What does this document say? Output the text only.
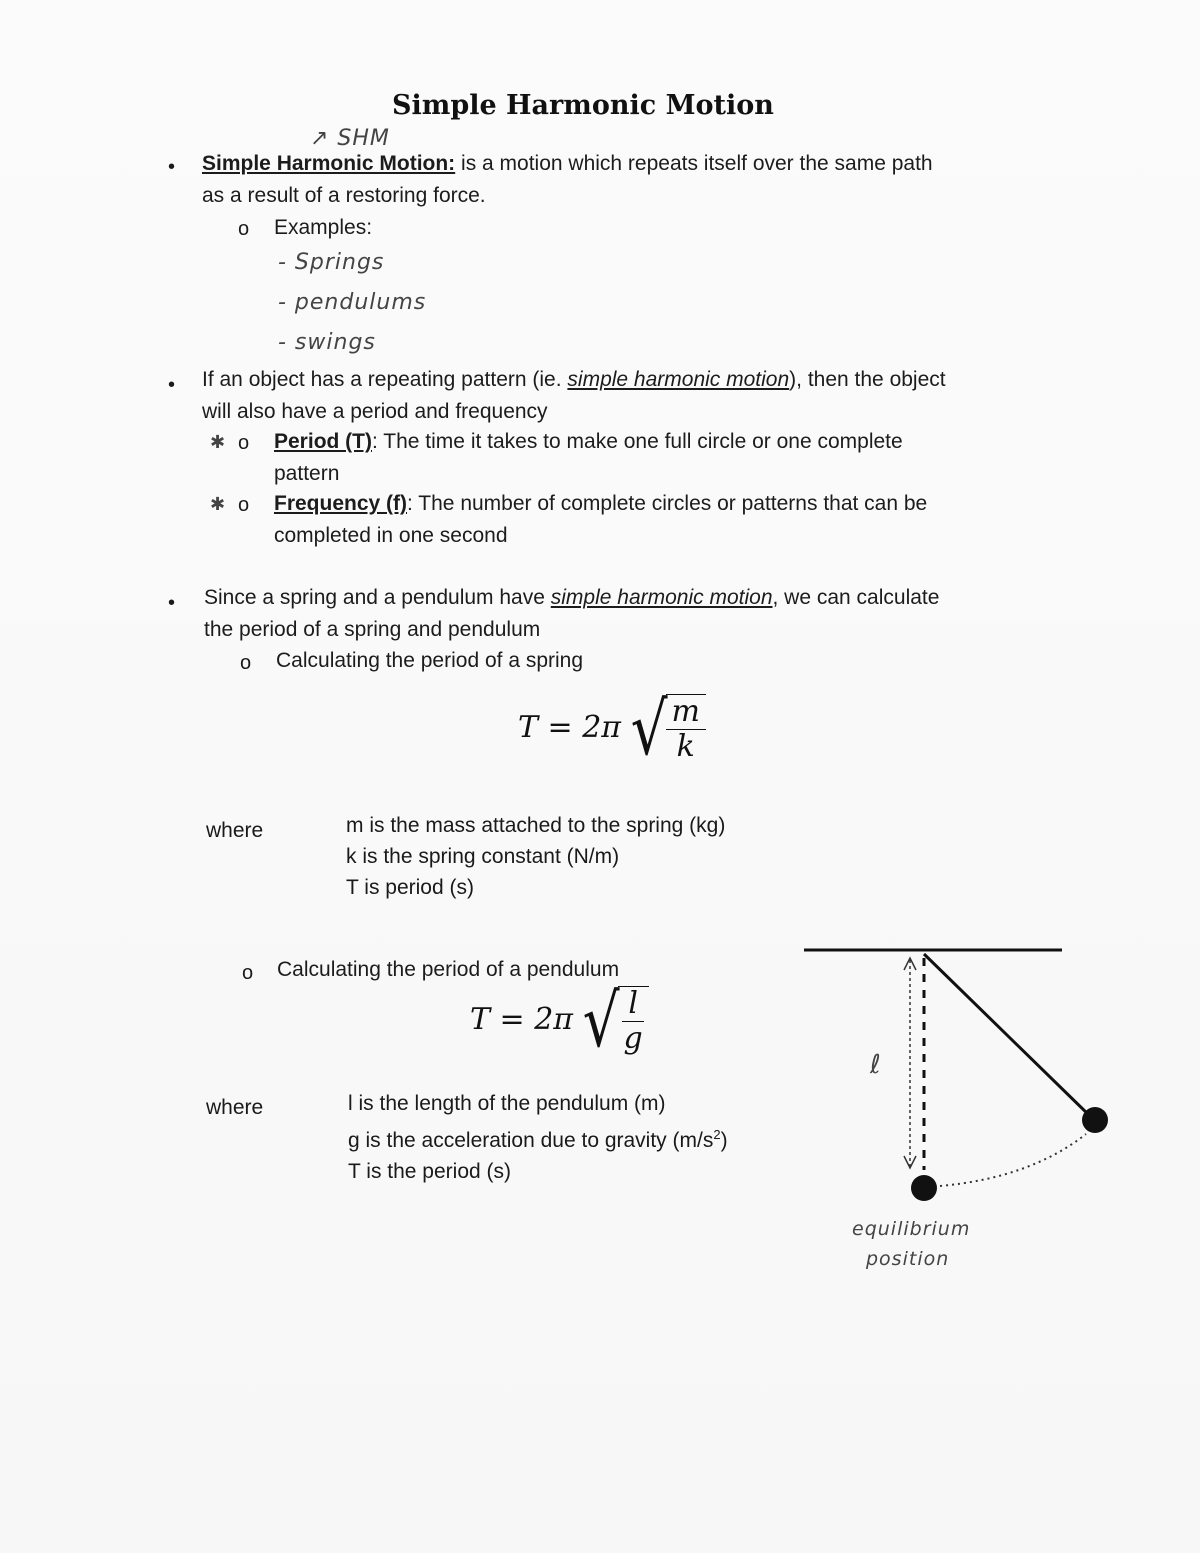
Simple Harmonic Motion
↗ SHM
• Simple Harmonic Motion: is a motion which repeats itself over the same path
as a result of a restoring force.
o Examples:
- Springs
- pendulums
- swings
• If an object has a repeating pattern (ie. simple harmonic motion), then the object
will also have a period and frequency
✱ o Period (T): The time it takes to make one full circle or one complete
pattern
✱ o Frequency (f): The number of complete circles or patterns that can be
completed in one second
• Since a spring and a pendulum have simple harmonic motion, we can calculate
the period of a spring and pendulum
o Calculating the period of a spring
T = 2π √
$\frac{m}{k}$
where	m is the mass attached to the spring (kg)
k is the spring constant (N/m)
T is period (s)
o Calculating the period of a pendulum
T = 2π √
$\frac{l}{g}$
where	l is the length of the pendulum (m)
g is the acceleration due to gravity $(m/s^2)$
T is the period (s)
ℓ
equilibrium
position
